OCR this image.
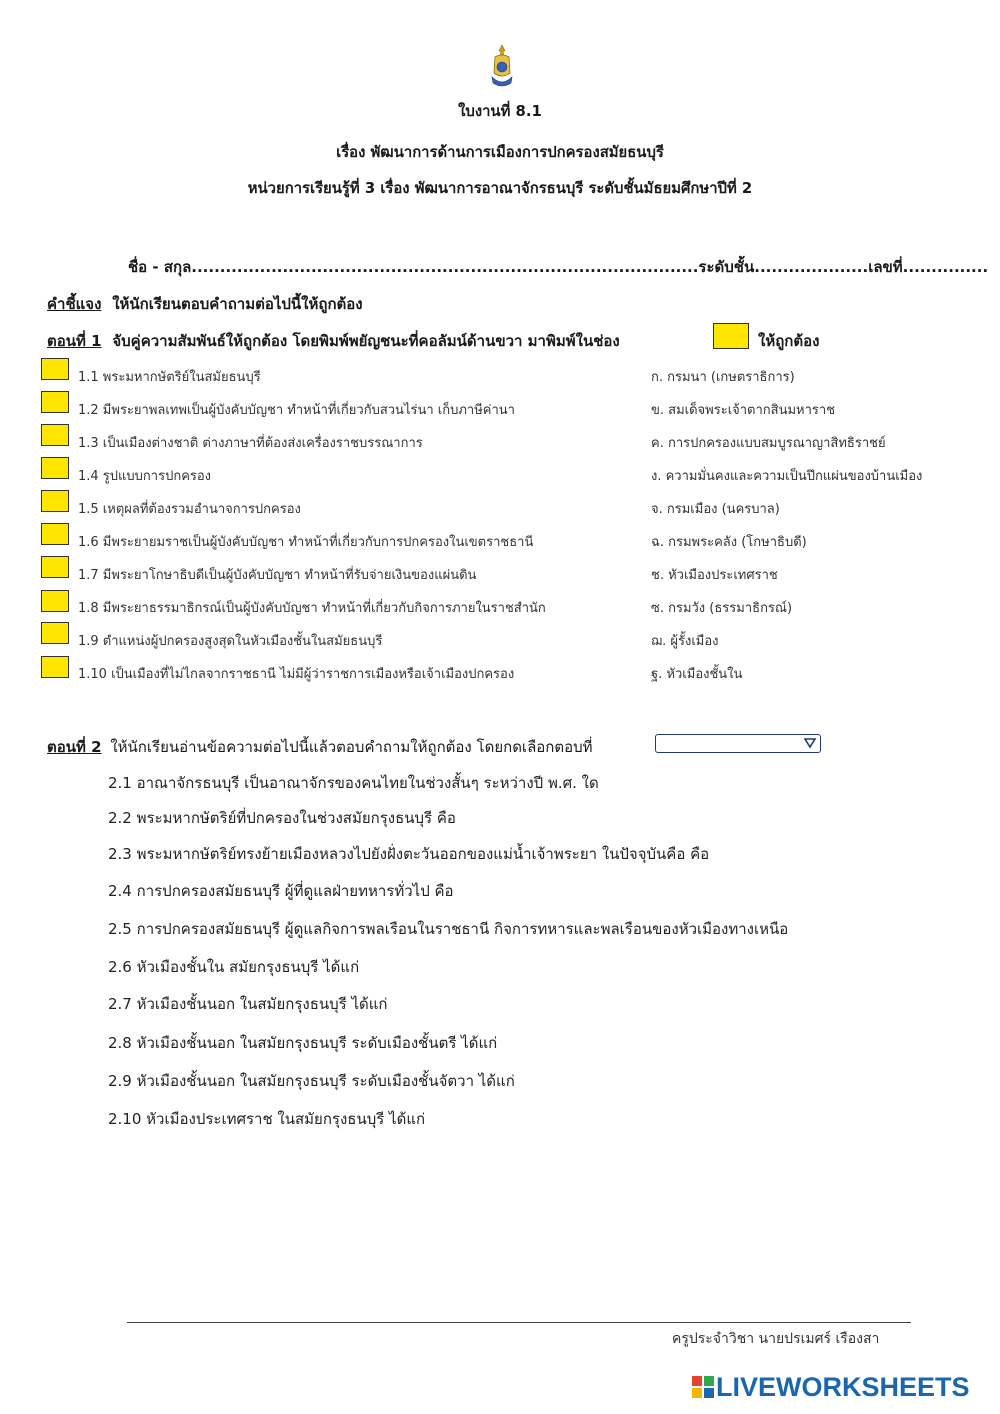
ใบงานที่ 8.1
เรื่อง พัฒนาการด้านการเมืองการปกครองสมัยธนบุรี
หน่วยการเรียนรู้ที่ 3 เรื่อง พัฒนาการอาณาจักรธนบุรี ระดับชั้นมัธยมศึกษาปีที่ 2
ชื่อ - สกุล.........................................................................................ระดับชั้น....................เลขที่...............
คำชี้แจง ให้นักเรียนตอบคำถามต่อไปนี้ให้ถูกต้อง
ตอนที่ 1 จับคู่ความสัมพันธ์ให้ถูกต้อง โดยพิมพ์พยัญชนะที่คอลัมน์ด้านขวา มาพิมพ์ในช่อง	ให้ถูกต้อง
1.1 พระมหากษัตริย์ในสมัยธนบุรี	ก. กรมนา (เกษตราธิการ)
1.2 มีพระยาพลเทพเป็นผู้บังคับบัญชา ทำหน้าที่เกี่ยวกับสวนไร่นา เก็บภาษีค่านา	ข. สมเด็จพระเจ้าตากสินมหาราช
1.3 เป็นเมืองต่างชาติ ต่างภาษาที่ต้องส่งเครื่องราชบรรณาการ	ค. การปกครองแบบสมบูรณาญาสิทธิราชย์
1.4 รูปแบบการปกครอง	ง. ความมั่นคงและความเป็นปึกแผ่นของบ้านเมือง
1.5 เหตุผลที่ต้องรวมอำนาจการปกครอง	จ. กรมเมือง (นครบาล)
1.6 มีพระยายมราชเป็นผู้บังคับบัญชา ทำหน้าที่เกี่ยวกับการปกครองในเขตราชธานี	ฉ. กรมพระคลัง (โกษาธิบดี)
1.7 มีพระยาโกษาธิบดีเป็นผู้บังคับบัญชา ทำหน้าที่รับจ่ายเงินของแผ่นดิน	ช. หัวเมืองประเทศราช
1.8 มีพระยาธรรมาธิกรณ์เป็นผู้บังคับบัญชา ทำหน้าที่เกี่ยวกับกิจการภายในราชสำนัก	ซ. กรมวัง (ธรรมาธิกรณ์)
1.9 ตำแหน่งผู้ปกครองสูงสุดในหัวเมืองชั้นในสมัยธนบุรี	ฌ. ผู้รั้งเมือง
1.10 เป็นเมืองที่ไม่ไกลจากราชธานี ไม่มีผู้ว่าราชการเมืองหรือเจ้าเมืองปกครอง	ฐ. หัวเมืองชั้นใน
ตอนที่ 2 ให้นักเรียนอ่านข้อความต่อไปนี้แล้วตอบคำถามให้ถูกต้อง โดยกดเลือกตอบที่
2.1 อาณาจักรธนบุรี เป็นอาณาจักรของคนไทยในช่วงสั้นๆ ระหว่างปี พ.ศ. ใด
2.2 พระมหากษัตริย์ที่ปกครองในช่วงสมัยกรุงธนบุรี คือ
2.3 พระมหากษัตริย์ทรงย้ายเมืองหลวงไปยังฝั่งตะวันออกของแม่น้ำเจ้าพระยา ในปัจจุบันคือ คือ
2.4 การปกครองสมัยธนบุรี ผู้ที่ดูแลฝ่ายทหารทั่วไป คือ
2.5 การปกครองสมัยธนบุรี ผู้ดูแลกิจการพลเรือนในราชธานี กิจการทหารและพลเรือนของหัวเมืองทางเหนือ
2.6 หัวเมืองชั้นใน สมัยกรุงธนบุรี ได้แก่
2.7 หัวเมืองชั้นนอก ในสมัยกรุงธนบุรี ได้แก่
2.8 หัวเมืองชั้นนอก ในสมัยกรุงธนบุรี ระดับเมืองชั้นตรี ได้แก่
2.9 หัวเมืองชั้นนอก ในสมัยกรุงธนบุรี ระดับเมืองชั้นจัตวา ได้แก่
2.10 หัวเมืองประเทศราช ในสมัยกรุงธนบุรี ได้แก่
ครูประจำวิชา นายปรเมศร์ เรืองสา
LIVEWORKSHEETS
